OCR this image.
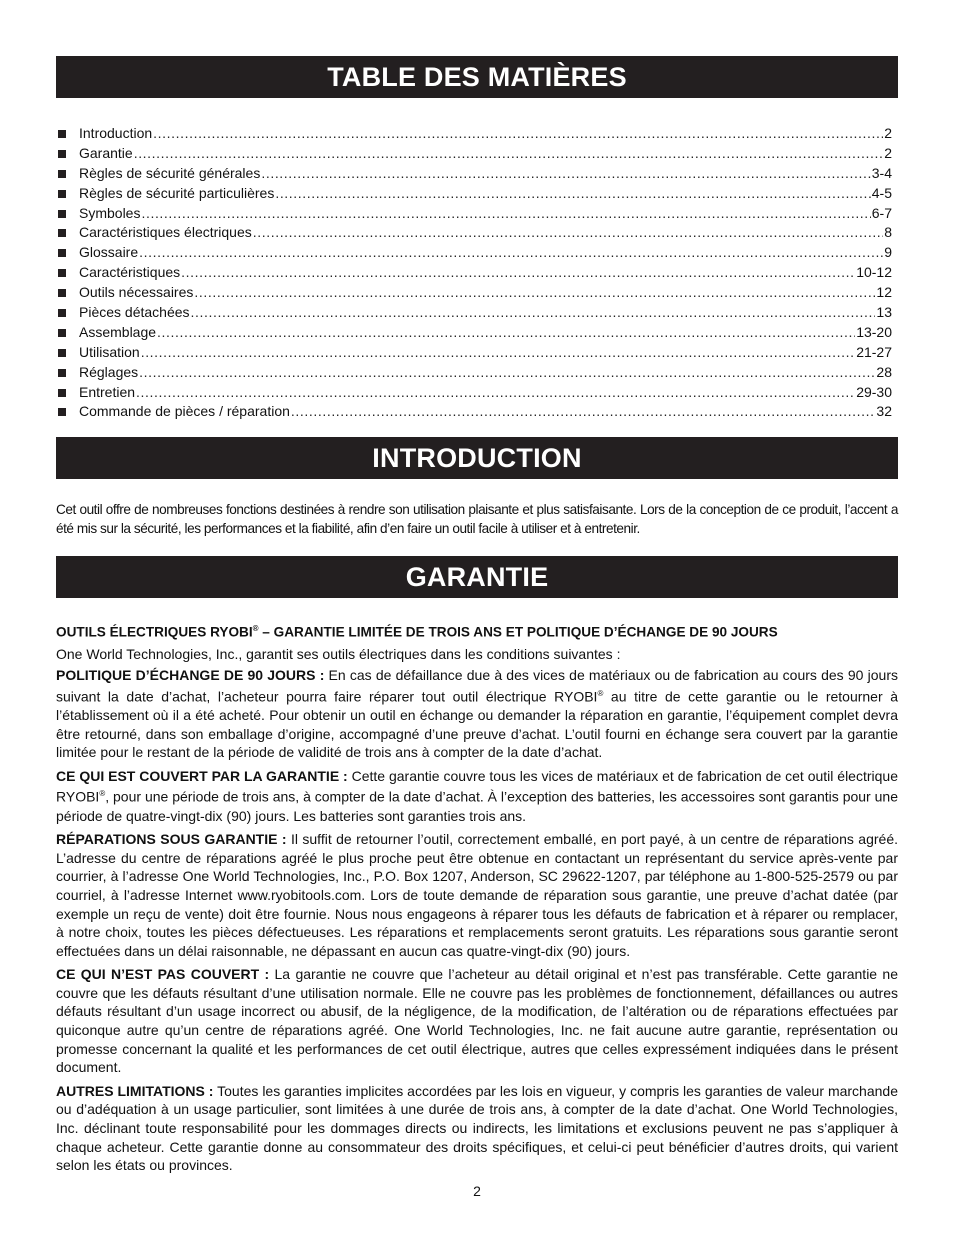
TABLE DES MATIÈRES
Introduction .....	2
Garantie .....	2
Règles de sécurité générales .....	3-4
Règles de sécurité particulières .....	4-5
Symboles .....	6-7
Caractéristiques électriques .....	8
Glossaire .....	9
Caractéristiques .....	10-12
Outils nécessaires .....	12
Pièces détachées .....	13
Assemblage .....	13-20
Utilisation .....	21-27
Réglages .....	28
Entretien .....	29-30
Commande de pièces / réparation .....	32
INTRODUCTION

Cet outil offre de nombreuses fonctions destinées à rendre son utilisation plaisante et plus satisfaisante. Lors de la conception de ce produit, l’accent a été mis sur la sécurité, les performances et la fiabilité, afin d’en faire un outil facile à utiliser et à entretenir.

GARANTIE

OUTILS ÉLECTRIQUES RYOBI® – GARANTIE LIMITÉE DE TROIS ANS ET POLITIQUE D’ÉCHANGE DE 90 JOURS

One World Technologies, Inc., garantit ses outils électriques dans les conditions suivantes :

POLITIQUE D’ÉCHANGE DE 90 JOURS : En cas de défaillance due à des vices de matériaux ou de fabrication au cours des 90 jours suivant la date d’achat, l’acheteur pourra faire réparer tout outil électrique RYOBI® au titre de cette garantie ou le retourner à l’établissement où il a été acheté. Pour obtenir un outil en échange ou demander la réparation en garantie, l’équipement complet devra être retourné, dans son emballage d’origine, accompagné d’une preuve d’achat. L’outil fourni en échange sera couvert par la garantie limitée pour le restant de la période de validité de trois ans à compter de la date d’achat.

CE QUI EST COUVERT PAR LA GARANTIE : Cette garantie couvre tous les vices de matériaux et de fabrication de cet outil électrique RYOBI®, pour une période de trois ans, à compter de la date d’achat. À l’exception des batteries, les accessoires sont garantis pour une période de quatre-vingt-dix (90) jours. Les batteries sont garanties trois ans.

RÉPARATIONS SOUS GARANTIE : Il suffit de retourner l’outil, correctement emballé, en port payé, à un centre de réparations agréé. L’adresse du centre de réparations agréé le plus proche peut être obtenue en contactant un représentant du service après-vente par courrier, à l’adresse One World Technologies, Inc., P.O. Box 1207, Anderson, SC 29622-1207, par téléphone au 1-800-525-2579 ou par courriel, à l’adresse Internet www.ryobitools.com. Lors de toute demande de réparation sous garantie, une preuve d’achat datée (par exemple un reçu de vente) doit être fournie. Nous nous engageons à réparer tous les défauts de fabrication et à réparer ou remplacer, à notre choix, toutes les pièces défectueuses. Les réparations et remplacements seront gratuits. Les réparations sous garantie seront effectuées dans un délai raisonnable, ne dépassant en aucun cas quatre-vingt-dix (90) jours.

CE QUI N’EST PAS COUVERT : La garantie ne couvre que l’acheteur au détail original et n’est pas transférable. Cette garantie ne couvre que les défauts résultant d’une utilisation normale. Elle ne couvre pas les problèmes de fonctionnement, défaillances ou autres défauts résultant d’un usage incorrect ou abusif, de la négligence, de la modification, de l’altération ou de réparations effectuées par quiconque autre qu’un centre de réparations agréé. One World Technologies, Inc. ne fait aucune autre garantie, représentation ou promesse concernant la qualité et les performances de cet outil électrique, autres que celles expressément indiquées dans le présent document.

AUTRES LIMITATIONS : Toutes les garanties implicites accordées par les lois en vigueur, y compris les garanties de valeur marchande ou d’adéquation à un usage particulier, sont limitées à une durée de trois ans, à compter de la date d’achat. One World Technologies, Inc. déclinant toute responsabilité pour les dommages directs ou indirects, les limitations et exclusions peuvent ne pas s’appliquer à chaque acheteur. Cette garantie donne au consommateur des droits spécifiques, et celui-ci peut bénéficier d’autres droits, qui varient selon les états ou provinces.

2
